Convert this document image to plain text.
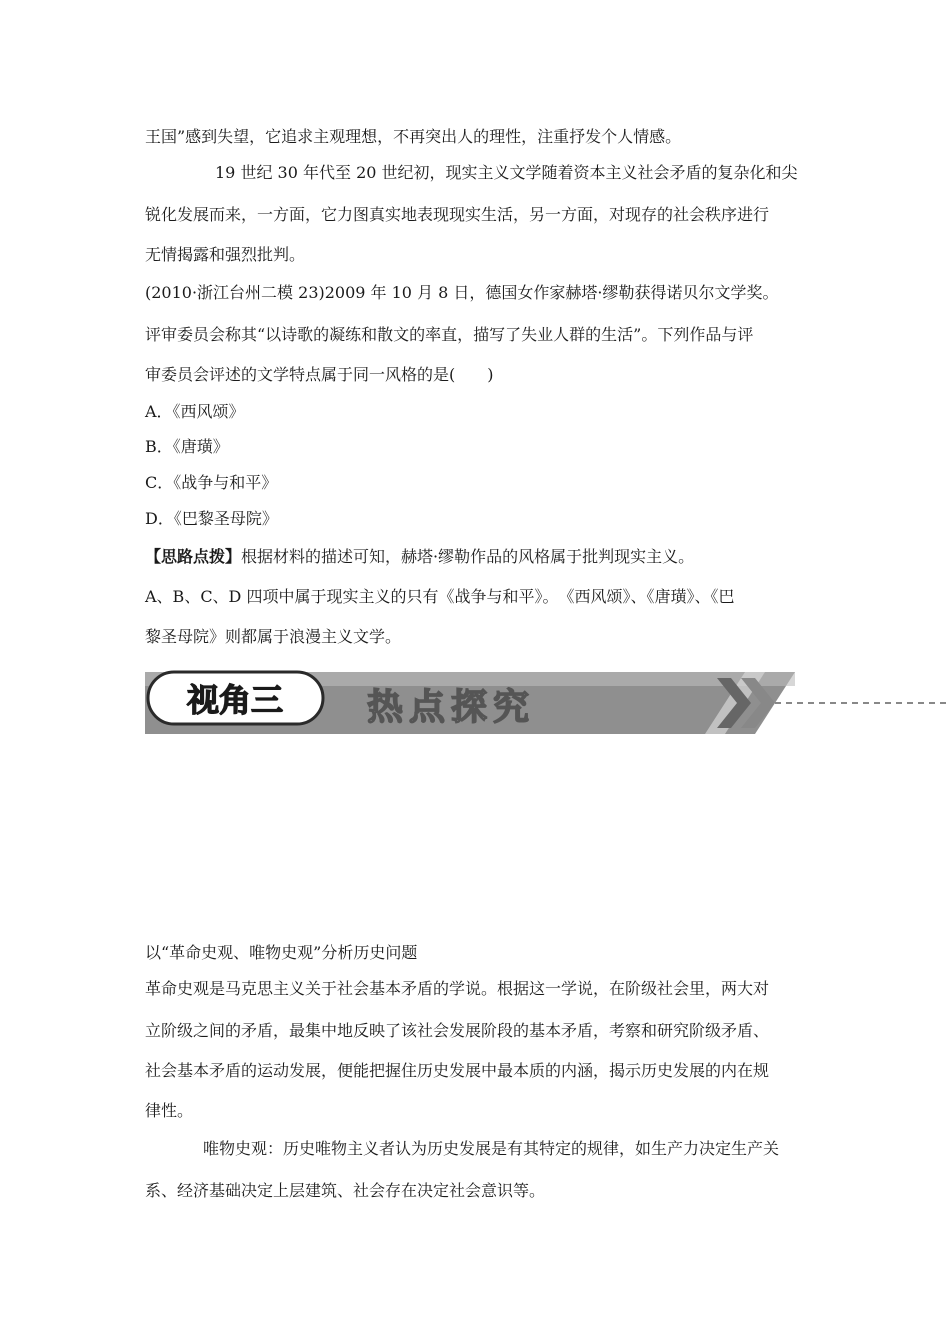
王国”感到失望，它追求主观理想，不再突出人的理性，注重抒发个人情感。
19 世纪 30 年代至 20 世纪初，现实主义文学随着资本主义社会矛盾的复杂化和尖
锐化发展而来，一方面，它力图真实地表现现实生活，另一方面，对现存的社会秩序进行
无情揭露和强烈批判。
(2010·浙江台州二模 23)2009 年 10 月 8 日，德国女作家赫塔·缪勒获得诺贝尔文学奖。
评审委员会称其“以诗歌的凝练和散文的率直，描写了失业人群的生活”。下列作品与评
审委员会评述的文学特点属于同一风格的是(　　)
A．《西风颂》
B．《唐璜》
C．《战争与和平》
D．《巴黎圣母院》
【思路点拨】根据材料的描述可知，赫塔·缪勒作品的风格属于批判现实主义。
A、B、C、D 四项中属于现实主义的只有《战争与和平》。　《西风颂》、《唐璜》、《巴
黎圣母院》则都属于浪漫主义文学。
视角三 热点探究
以“革命史观、唯物史观”分析历史问题
革命史观是马克思主义关于社会基本矛盾的学说。根据这一学说，在阶级社会里，两大对
立阶级之间的矛盾，最集中地反映了该社会发展阶段的基本矛盾，考察和研究阶级矛盾、
社会基本矛盾的运动发展，便能把握住历史发展中最本质的内涵，揭示历史发展的内在规
律性。
唯物史观：历史唯物主义者认为历史发展是有其特定的规律，如生产力决定生产关
系、经济基础决定上层建筑、社会存在决定社会意识等。
